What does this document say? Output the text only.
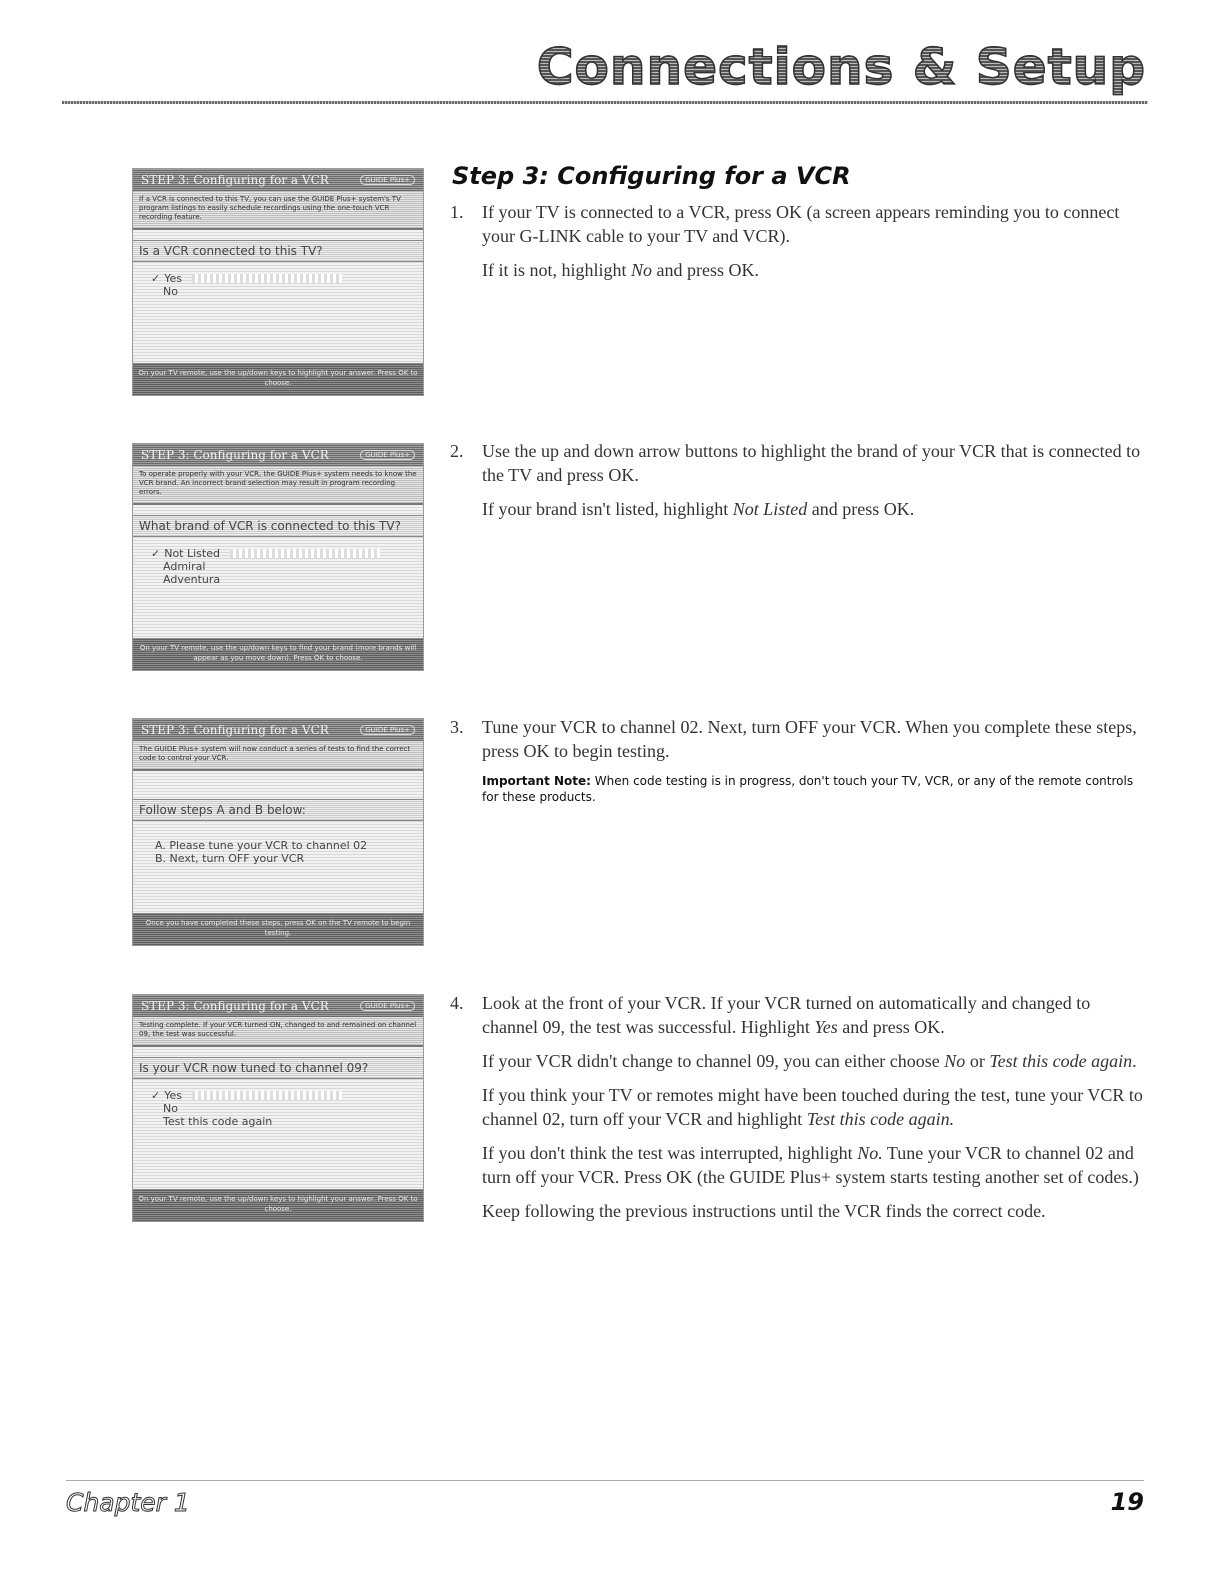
Connections & Setup
STEP 3: Configuring for a VCR	GUIDE Plus+
If a VCR is connected to this TV, you can use the GUIDE Plus+ system's TV program listings to easily schedule recordings using the one-touch VCR recording feature.
Is a VCR connected to this TV?
✓ Yes
No
On your TV remote, use the up/down keys to highlight your answer. Press OK to choose.
STEP 3: Configuring for a VCR	GUIDE Plus+
To operate properly with your VCR, the GUIDE Plus+ system needs to know the VCR brand. An incorrect brand selection may result in program recording errors.
What brand of VCR is connected to this TV?
✓ Not Listed
Admiral
Adventura
On your TV remote, use the up/down keys to find your brand (more brands will appear as you move down). Press OK to choose.
STEP 3: Configuring for a VCR	GUIDE Plus+
The GUIDE Plus+ system will now conduct a series of tests to find the correct code to control your VCR.
Follow steps A and B below:
A. Please tune your VCR to channel 02
B. Next, turn OFF your VCR
Once you have completed these steps, press OK on the TV remote to begin testing.
STEP 3: Configuring for a VCR	GUIDE Plus+
Testing complete. If your VCR turned ON, changed to and remained on channel 09, the test was successful.
Is your VCR now tuned to channel 09?
✓ Yes
No
Test this code again
On your TV remote, use the up/down keys to highlight your answer. Press OK to choose.
Step 3: Configuring for a VCR
1. If your TV is connected to a VCR, press OK (a screen appears reminding you to connect your G-LINK cable to your TV and VCR).

If it is not, highlight No and press OK.

2. Use the up and down arrow buttons to highlight the brand of your VCR that is connected to the TV and press OK.

If your brand isn't listed, highlight Not Listed and press OK.

3. Tune your VCR to channel 02. Next, turn OFF your VCR. When you complete these steps, press OK to begin testing.

Important Note: When code testing is in progress, don't touch your TV, VCR, or any of the remote controls for these products.
4. Look at the front of your VCR. If your VCR turned on automatically and changed to channel 09, the test was successful. Highlight Yes and press OK.

If your VCR didn't change to channel 09, you can either choose No or Test this code again.

If you think your TV or remotes might have been touched during the test, tune your VCR to channel 02, turn off your VCR and highlight Test this code again.

If you don't think the test was interrupted, highlight No. Tune your VCR to channel 02 and turn off your VCR. Press OK (the GUIDE Plus+ system starts testing another set of codes.)

Keep following the previous instructions until the VCR finds the correct code.

Chapter 1	19
